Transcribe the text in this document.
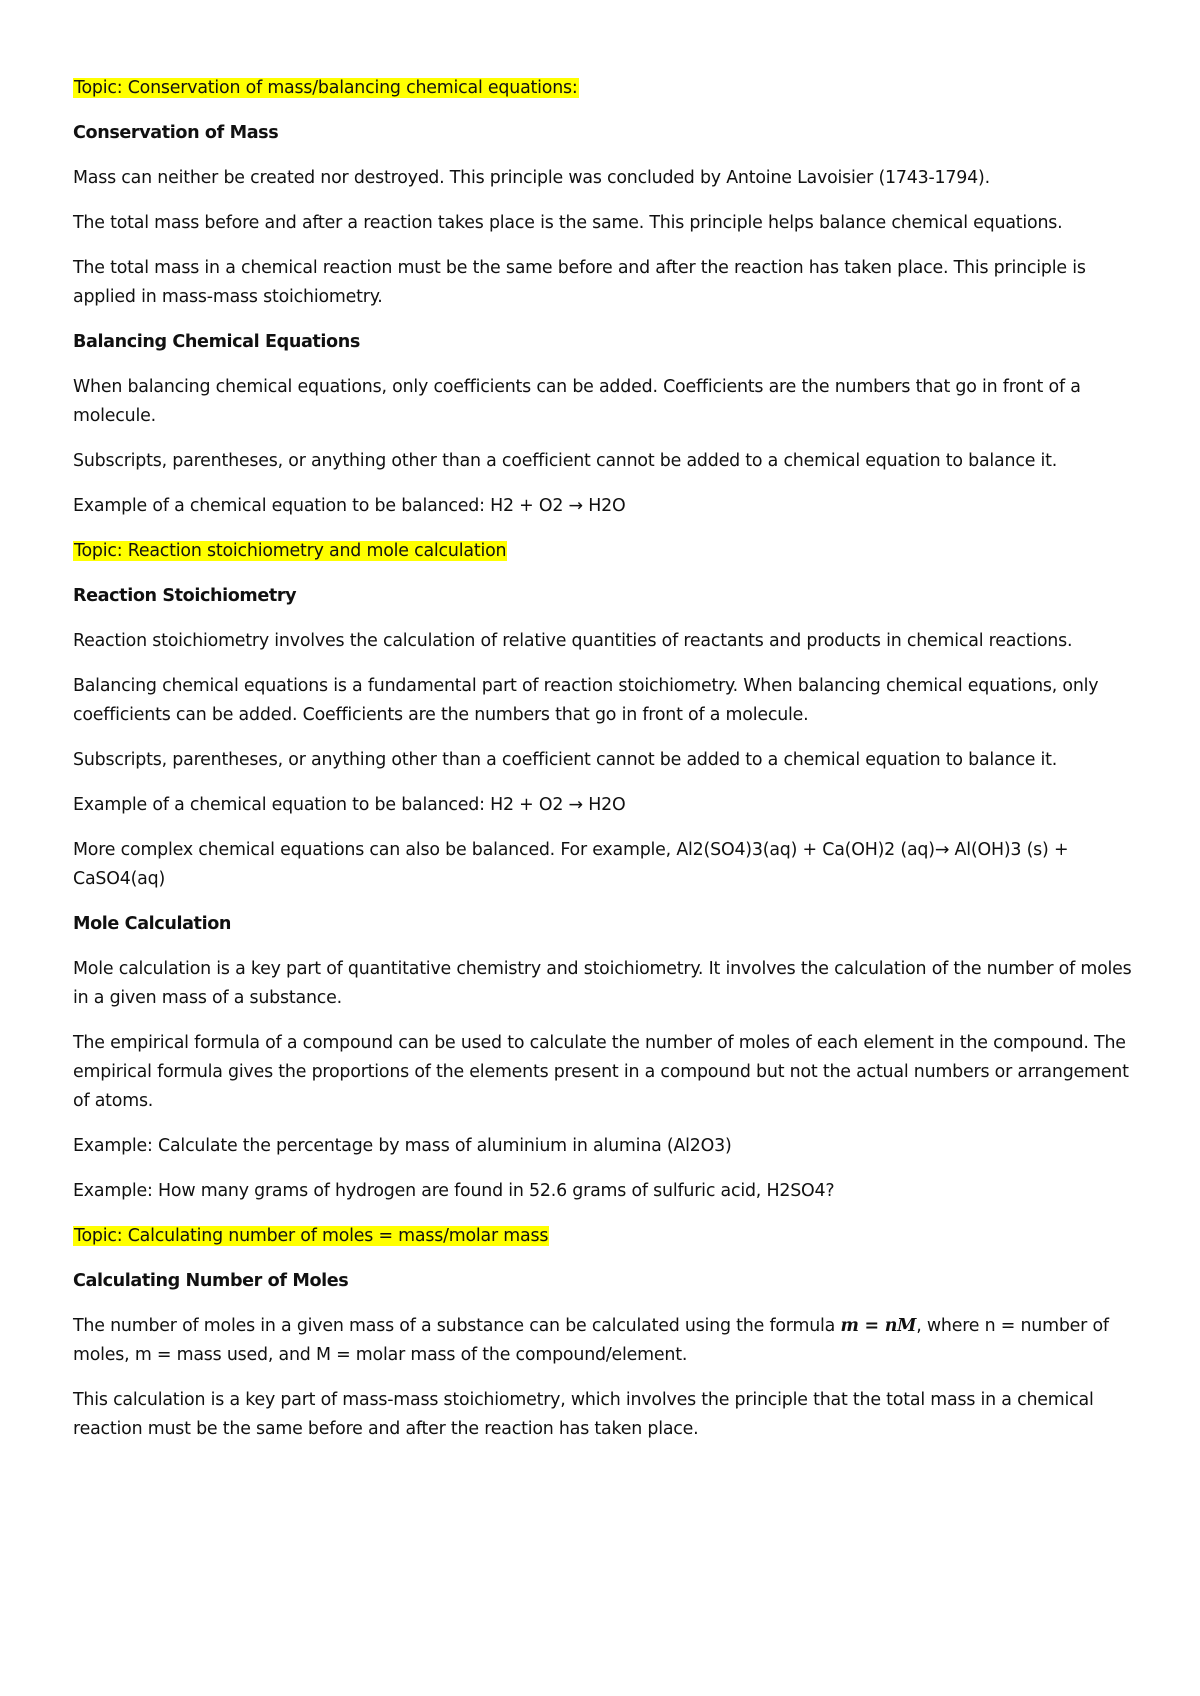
Topic: Conservation of mass/balancing chemical equations:

Conservation of Mass

Mass can neither be created nor destroyed. This principle was concluded by Antoine Lavoisier (1743-1794).

The total mass before and after a reaction takes place is the same. This principle helps balance chemical equations.

The total mass in a chemical reaction must be the same before and after the reaction has taken place. This principle is applied in mass-mass stoichiometry.

Balancing Chemical Equations

When balancing chemical equations, only coefficients can be added. Coefficients are the numbers that go in front of a molecule.

Subscripts, parentheses, or anything other than a coefficient cannot be added to a chemical equation to balance it.

Example of a chemical equation to be balanced: H2 + O2 → H2O

Topic: Reaction stoichiometry and mole calculation

Reaction Stoichiometry

Reaction stoichiometry involves the calculation of relative quantities of reactants and products in chemical reactions.

Balancing chemical equations is a fundamental part of reaction stoichiometry. When balancing chemical equations, only coefficients can be added. Coefficients are the numbers that go in front of a molecule.

Subscripts, parentheses, or anything other than a coefficient cannot be added to a chemical equation to balance it.

Example of a chemical equation to be balanced: H2 + O2 → H2O

More complex chemical equations can also be balanced. For example, Al2(SO4)3(aq) + Ca(OH)2 (aq)→ Al(OH)3 (s) + CaSO4(aq)

Mole Calculation

Mole calculation is a key part of quantitative chemistry and stoichiometry. It involves the calculation of the number of moles in a given mass of a substance.

The empirical formula of a compound can be used to calculate the number of moles of each element in the compound. The empirical formula gives the proportions of the elements present in a compound but not the actual numbers or arrangement of atoms.

Example: Calculate the percentage by mass of aluminium in alumina (Al2O3)

Example: How many grams of hydrogen are found in 52.6 grams of sulfuric acid, H2SO4?

Topic: Calculating number of moles = mass/molar mass

Calculating Number of Moles

The number of moles in a given mass of a substance can be calculated using the formula m = nM, where n = number of moles, m = mass used, and M = molar mass of the compound/element.

This calculation is a key part of mass-mass stoichiometry, which involves the principle that the total mass in a chemical reaction must be the same before and after the reaction has taken place.
